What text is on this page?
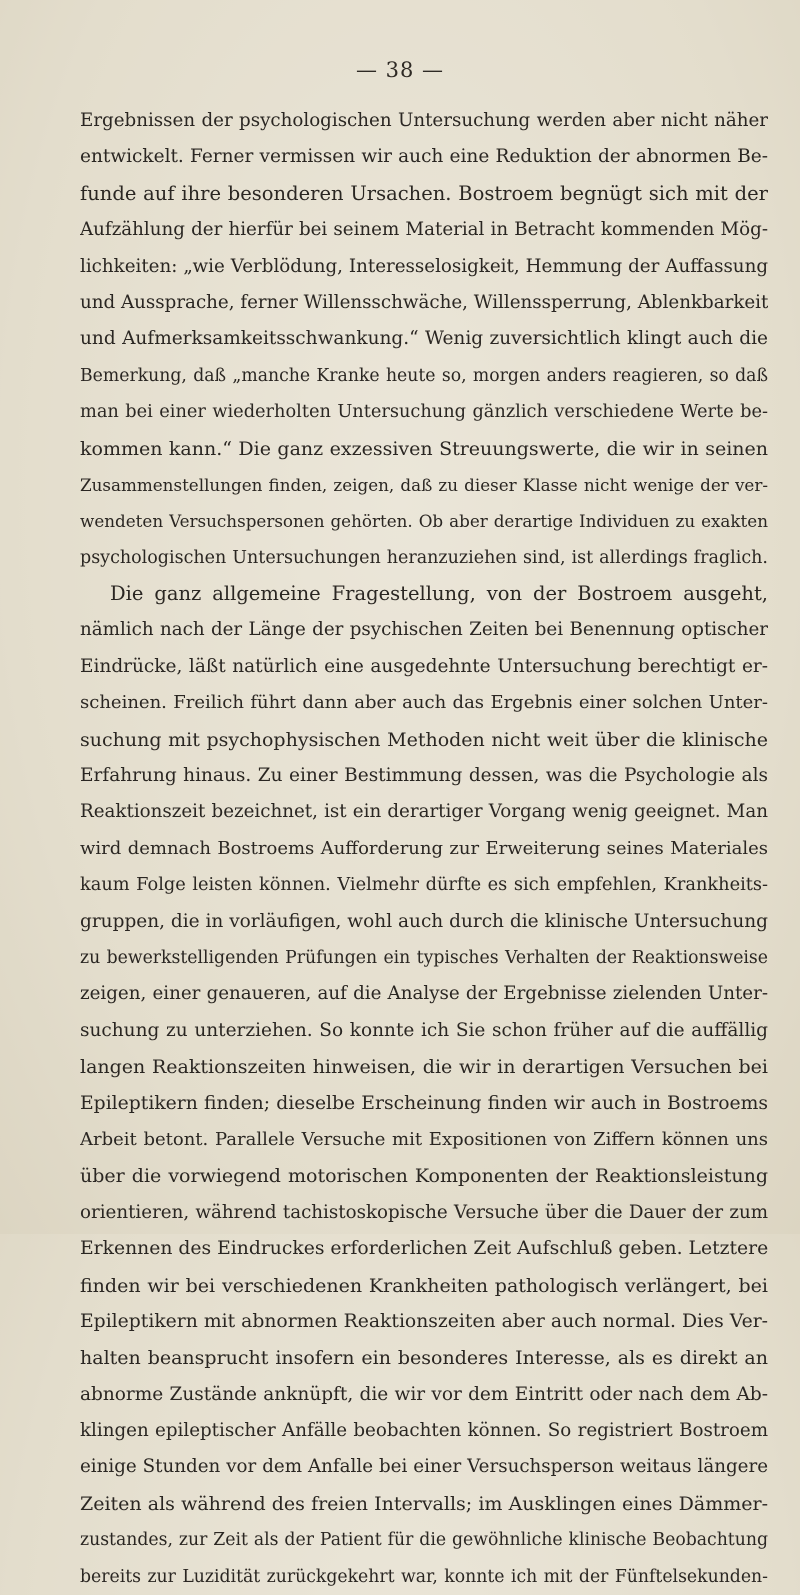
— 38 —
Ergebnissen der psychologischen Untersuchung werden aber nicht näher
entwickelt. Ferner vermissen wir auch eine Reduktion der abnormen Be-
funde auf ihre besonderen Ursachen. Bostroem begnügt sich mit der
Aufzählung der hierfür bei seinem Material in Betracht kommenden Mög-
lichkeiten: „wie Verblödung, Interesselosigkeit, Hemmung der Auffassung
und Aussprache, ferner Willensschwäche, Willenssperrung, Ablenkbarkeit
und Aufmerksamkeitsschwankung.“ Wenig zuversichtlich klingt auch die
Bemerkung, daß „manche Kranke heute so, morgen anders reagieren, so daß
man bei einer wiederholten Untersuchung gänzlich verschiedene Werte be-
kommen kann.“ Die ganz exzessiven Streuungswerte, die wir in seinen
Zusammenstellungen finden, zeigen, daß zu dieser Klasse nicht wenige der ver-
wendeten Versuchspersonen gehörten. Ob aber derartige Individuen zu exakten
psychologischen Untersuchungen heranzuziehen sind, ist allerdings fraglich.
Die ganz allgemeine Fragestellung, von der Bostroem ausgeht,
nämlich nach der Länge der psychischen Zeiten bei Benennung optischer
Eindrücke, läßt natürlich eine ausgedehnte Untersuchung berechtigt er-
scheinen. Freilich führt dann aber auch das Ergebnis einer solchen Unter-
suchung mit psychophysischen Methoden nicht weit über die klinische
Erfahrung hinaus. Zu einer Bestimmung dessen, was die Psychologie als
Reaktionszeit bezeichnet, ist ein derartiger Vorgang wenig geeignet. Man
wird demnach Bostroems Aufforderung zur Erweiterung seines Materiales
kaum Folge leisten können. Vielmehr dürfte es sich empfehlen, Krankheits-
gruppen, die in vorläufigen, wohl auch durch die klinische Untersuchung
zu bewerkstelligenden Prüfungen ein typisches Verhalten der Reaktionsweise
zeigen, einer genaueren, auf die Analyse der Ergebnisse zielenden Unter-
suchung zu unterziehen. So konnte ich Sie schon früher auf die auffällig
langen Reaktionszeiten hinweisen, die wir in derartigen Versuchen bei
Epileptikern finden; dieselbe Erscheinung finden wir auch in Bostroems
Arbeit betont. Parallele Versuche mit Expositionen von Ziffern können uns
über die vorwiegend motorischen Komponenten der Reaktionsleistung
orientieren, während tachistoskopische Versuche über die Dauer der zum
Erkennen des Eindruckes erforderlichen Zeit Aufschluß geben. Letztere
finden wir bei verschiedenen Krankheiten pathologisch verlängert, bei
Epileptikern mit abnormen Reaktionszeiten aber auch normal. Dies Ver-
halten beansprucht insofern ein besonderes Interesse, als es direkt an
abnorme Zustände anknüpft, die wir vor dem Eintritt oder nach dem Ab-
klingen epileptischer Anfälle beobachten können. So registriert Bostroem
einige Stunden vor dem Anfalle bei einer Versuchsperson weitaus längere
Zeiten als während des freien Intervalls; im Ausklingen eines Dämmer-
zustandes, zur Zeit als der Patient für die gewöhnliche klinische Beobachtung
bereits zur Luzidität zurückgekehrt war, konnte ich mit der Fünftelsekunden-
